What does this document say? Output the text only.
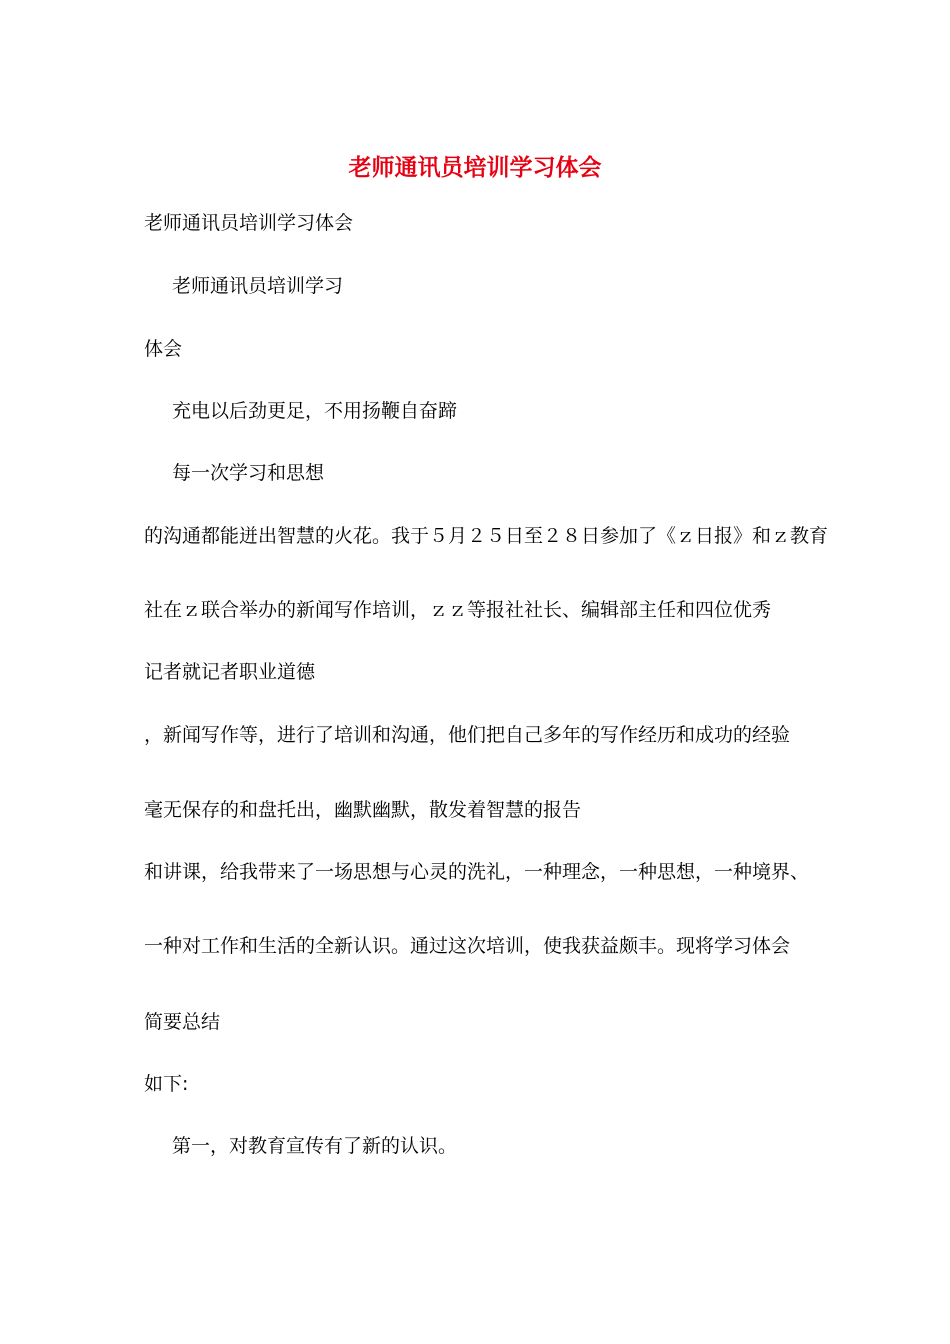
老师通讯员培训学习体会
老师通讯员培训学习体会
老师通讯员培训学习
体会
充电以后劲更足，不用扬鞭自奋蹄
每一次学习和思想
的沟通都能迸出智慧的火花。我于５月２５日至２８日参加了《ｚ日报》和ｚ教育
社在ｚ联合举办的新闻写作培训，ｚｚ等报社社长、编辑部主任和四位优秀
记者就记者职业道德
，新闻写作等，进行了培训和沟通，他们把自己多年的写作经历和成功的经验
毫无保存的和盘托出，幽默幽默，散发着智慧的报告
和讲课，给我带来了一场思想与心灵的洗礼，一种理念，一种思想，一种境界、
一种对工作和生活的全新认识。通过这次培训，使我获益颇丰。现将学习体会
简要总结
如下:
第一，对教育宣传有了新的认识。
